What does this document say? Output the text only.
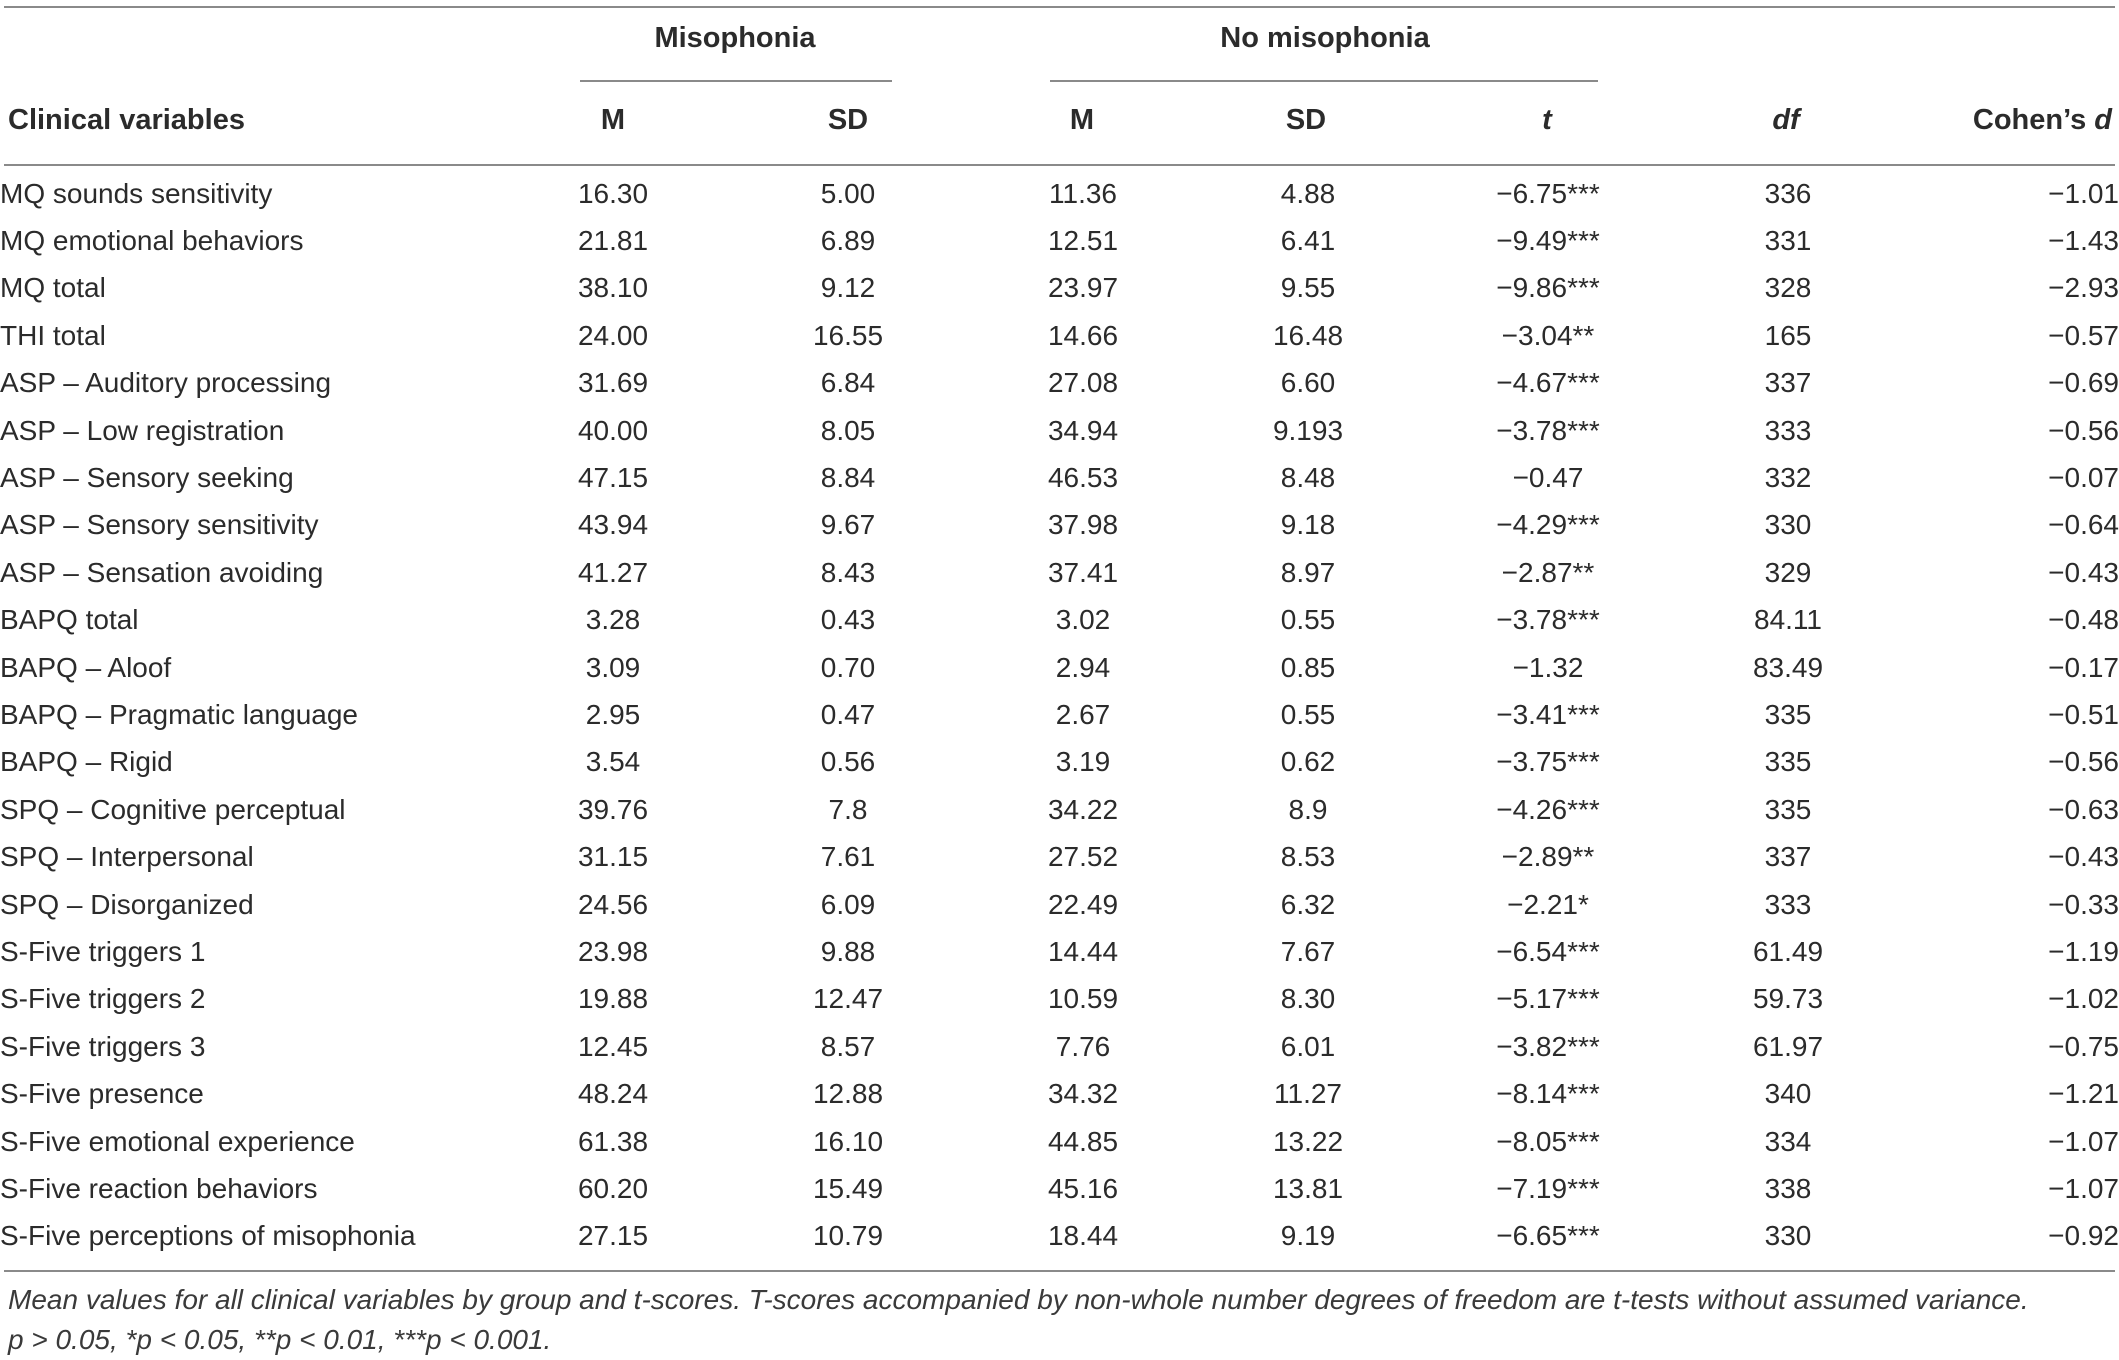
Misophonia	No misophonia
Clinical variables	M	SD	M	SD	t	df	Cohen’s d
MQ sounds sensitivity	16.30	5.00	11.36	4.88	−6.75***	336	−1.01
MQ emotional behaviors	21.81	6.89	12.51	6.41	−9.49***	331	−1.43
MQ total	38.10	9.12	23.97	9.55	−9.86***	328	−2.93
THI total	24.00	16.55	14.66	16.48	−3.04**	165	−0.57
ASP – Auditory processing	31.69	6.84	27.08	6.60	−4.67***	337	−0.69
ASP – Low registration	40.00	8.05	34.94	9.193	−3.78***	333	−0.56
ASP – Sensory seeking	47.15	8.84	46.53	8.48	−0.47	332	−0.07
ASP – Sensory sensitivity	43.94	9.67	37.98	9.18	−4.29***	330	−0.64
ASP – Sensation avoiding	41.27	8.43	37.41	8.97	−2.87**	329	−0.43
BAPQ total	3.28	0.43	3.02	0.55	−3.78***	84.11	−0.48
BAPQ – Aloof	3.09	0.70	2.94	0.85	−1.32	83.49	−0.17
BAPQ – Pragmatic language	2.95	0.47	2.67	0.55	−3.41***	335	−0.51
BAPQ – Rigid	3.54	0.56	3.19	0.62	−3.75***	335	−0.56
SPQ – Cognitive perceptual	39.76	7.8	34.22	8.9	−4.26***	335	−0.63
SPQ – Interpersonal	31.15	7.61	27.52	8.53	−2.89**	337	−0.43
SPQ – Disorganized	24.56	6.09	22.49	6.32	−2.21*	333	−0.33
S-Five triggers 1	23.98	9.88	14.44	7.67	−6.54***	61.49	−1.19
S-Five triggers 2	19.88	12.47	10.59	8.30	−5.17***	59.73	−1.02
S-Five triggers 3	12.45	8.57	7.76	6.01	−3.82***	61.97	−0.75
S-Five presence	48.24	12.88	34.32	11.27	−8.14***	340	−1.21
S-Five emotional experience	61.38	16.10	44.85	13.22	−8.05***	334	−1.07
S-Five reaction behaviors	60.20	15.49	45.16	13.81	−7.19***	338	−1.07
S-Five perceptions of misophonia	27.15	10.79	18.44	9.19	−6.65***	330	−0.92
Mean values for all clinical variables by group and t-scores. T-scores accompanied by non-whole number degrees of freedom are t-tests without assumed variance.
p > 0.05, *p < 0.05, **p < 0.01, ***p < 0.001.
